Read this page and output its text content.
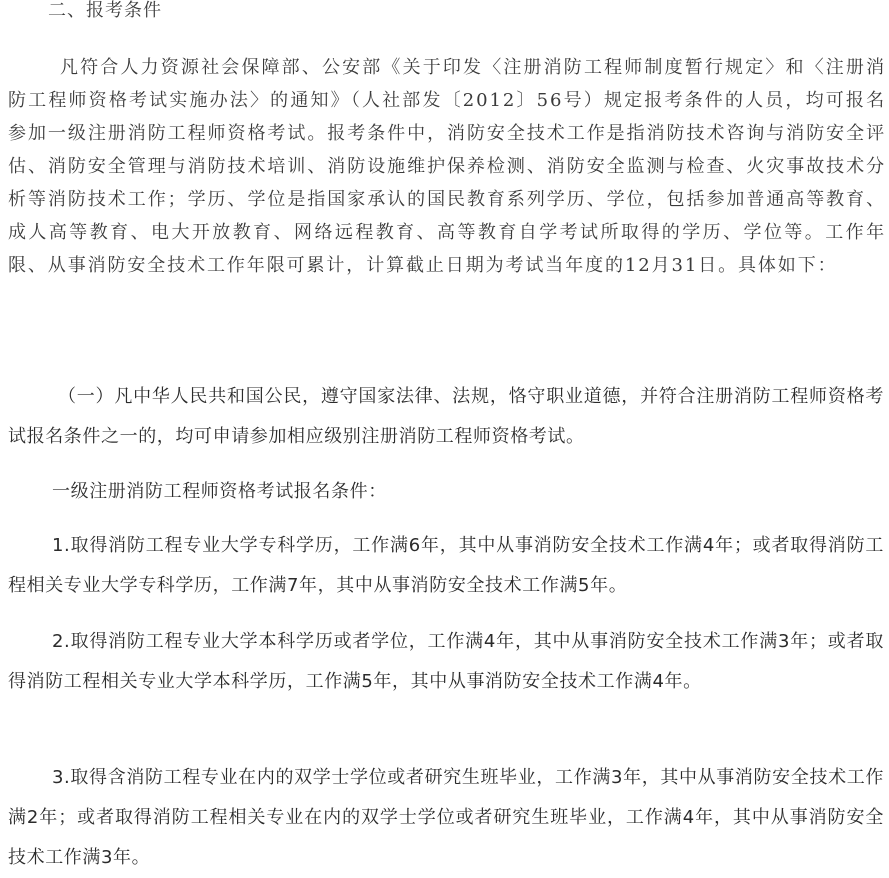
二、报考条件

凡符合人力资源社会保障部、公安部《关于印发〈注册消防工程师制度暂行规定〉和〈注册消防工程师资格考试实施办法〉的通知》（人社部发〔2012〕56号）规定报考条件的人员，均可报名参加一级注册消防工程师资格考试。报考条件中，消防安全技术工作是指消防技术咨询与消防安全评估、消防安全管理与消防技术培训、消防设施维护保养检测、消防安全监测与检查、火灾事故技术分析等消防技术工作；学历、学位是指国家承认的国民教育系列学历、学位，包括参加普通高等教育、成人高等教育、电大开放教育、网络远程教育、高等教育自学考试所取得的学历、学位等。工作年限、从事消防安全技术工作年限可累计，计算截止日期为考试当年度的12月31日。具体如下：

（一）凡中华人民共和国公民，遵守国家法律、法规，恪守职业道德，并符合注册消防工程师资格考试报名条件之一的，均可申请参加相应级别注册消防工程师资格考试。

一级注册消防工程师资格考试报名条件：

1.取得消防工程专业大学专科学历，工作满6年，其中从事消防安全技术工作满4年；或者取得消防工程相关专业大学专科学历，工作满7年，其中从事消防安全技术工作满5年。

2.取得消防工程专业大学本科学历或者学位，工作满4年，其中从事消防安全技术工作满3年；或者取得消防工程相关专业大学本科学历，工作满5年，其中从事消防安全技术工作满4年。

3.取得含消防工程专业在内的双学士学位或者研究生班毕业，工作满3年，其中从事消防安全技术工作满2年；或者取得消防工程相关专业在内的双学士学位或者研究生班毕业，工作满4年，其中从事消防安全技术工作满3年。
